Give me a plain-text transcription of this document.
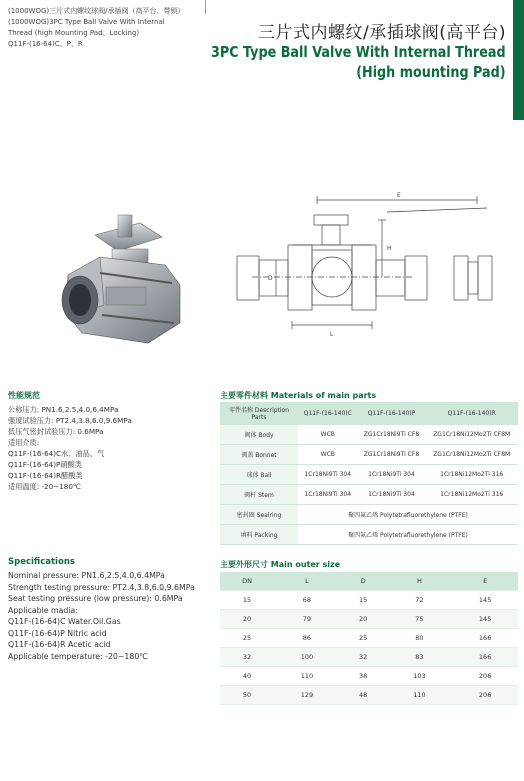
(1000WOG)三片式内螺纹球阀/承插阀（高平台、带锁）
(1000WOG)3PC Type Ball Valve With Internal
Thread (high Mounting Pad、Locking)
Q11F-(16-64)C、P、R
三片式内螺纹/承插球阀(高平台)
3PC Type Ball Valve With Internal Thread
(High mounting Pad)
E
H
L
D
性能规范
公称压力: PN1.6,2.5,4.0,6.4MPa
强度试验压力: PT2.4,3.8,6.0,9.6MPa
低压气密封试验压力: 0.6MPa
适用介质:
Q11F-(16-64)C水、油品、气
Q11F-(16-64)P硝酸类
Q11F-(16-64)R醋酸类
适用温度: -20~180℃
Specifications
Nominal pressure: PN1.6,2.5,4.0,6.4MPa
Strength testing pressure: PT2.4,3.8,6.0,9.6MPa
Seat testing pressure (low pressure): 0.6MPa
Applicable madia:
Q11F-(16-64)C Water.Oil.Gas
Q11F-(16-64)P Nitric acid
Q11F-(16-64)R Acetic acid
Applicable temperature: -20~180℃
主要零件材料 Materials of main parts
零件名称 Description Parts	Q11F-(16-140)C	Q11F-(16-140)P	Q11F-(16-140)R
阀体 Body	WCB	ZG1Cr18Ni9Ti CF8	ZG1Cr18Ni12Mo2Ti CF8M
阀盖 Bonnet	WCB	ZG1Cr18Ni9Ti CF8	ZG1Cr18Ni12Mo2Ti CF8M
球体 Ball	1Cr18Ni9Ti 304	1Cr18Ni9Ti 304	1Cr18Ni12Mo2Ti 316
阀杆 Stem	1Cr18Ni9Ti 304	1Cr18Ni9Ti 304	1Cr18Ni12Mo2Ti 316
密封圈 Sealring	聚四氟乙烯 Polytetrafluorethylene (PTFE)		
填料 Packing	聚四氟乙烯 Polytetrafluorethylene (PTFE)		
主要外形尺寸 Main outer size
DN	L	D	H	E
15	68	15	72	145
20	79	20	75	145
25	86	25	80	166
32	100	32	83	166
40	110	38	103	206
50	129	48	110	206
